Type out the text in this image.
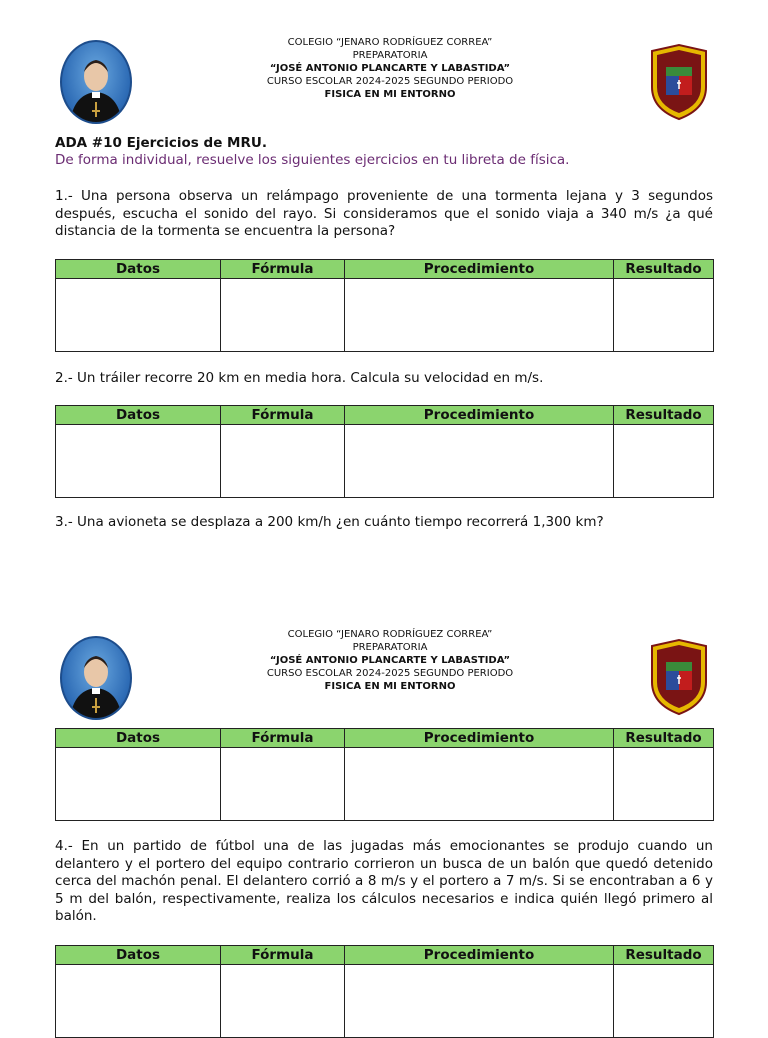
COLEGIO “JENARO RODRÍGUEZ CORREA”
PREPARATORIA
“JOSÉ ANTONIO PLANCARTE Y LABASTIDA”
CURSO ESCOLAR 2024-2025 SEGUNDO PERIODO
FISICA EN MI ENTORNO
ADA #10 Ejercicios de MRU.
De forma individual, resuelve los siguientes ejercicios en tu libreta de física.
1.- Una persona observa un relámpago proveniente de una tormenta lejana y 3 segundos después, escucha el sonido del rayo. Si consideramos que el sonido viaja a 340 m/s ¿a qué distancia de la tormenta se encuentra la persona?
Datos	Fórmula	Procedimiento	Resultado

2.- Un tráiler recorre 20 km en media hora. Calcula su velocidad en m/s.
Datos	Fórmula	Procedimiento	Resultado

3.- Una avioneta se desplaza a 200 km/h ¿en cuánto tiempo recorrerá 1,300 km?
COLEGIO “JENARO RODRÍGUEZ CORREA”
PREPARATORIA
“JOSÉ ANTONIO PLANCARTE Y LABASTIDA”
CURSO ESCOLAR 2024-2025 SEGUNDO PERIODO
FISICA EN MI ENTORNO
Datos	Fórmula	Procedimiento	Resultado

4.- En un partido de fútbol una de las jugadas más emocionantes se produjo cuando un delantero y el portero del equipo contrario corrieron un busca de un balón que quedó detenido cerca del machón penal. El delantero corrió a 8 m/s y el portero a 7 m/s. Si se encontraban a 6 y 5 m del balón, respectivamente, realiza los cálculos necesarios e indica quién llegó primero al balón.
Datos	Fórmula	Procedimiento	Resultado
